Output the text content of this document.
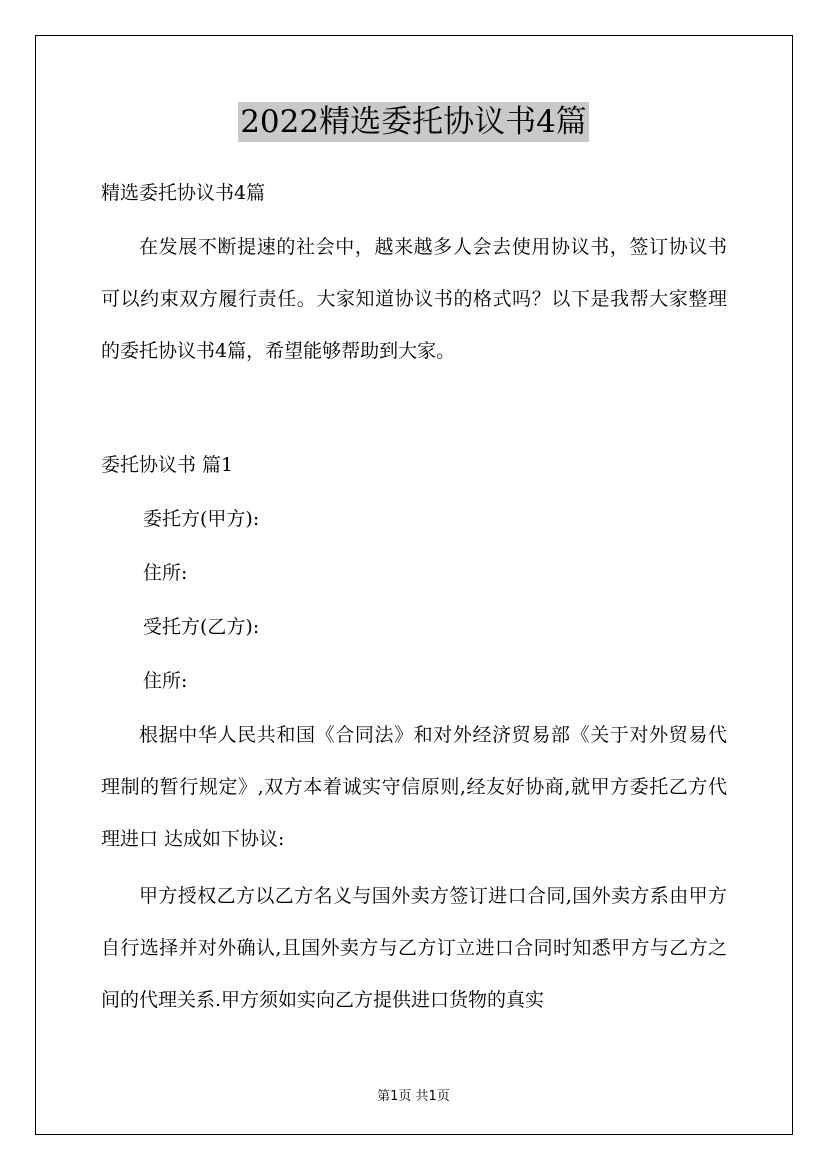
2022精选委托协议书4篇
精选委托协议书4篇

在发展不断提速的社会中，越来越多人会去使用协议书，签订协议书可以约束双方履行责任。大家知道协议书的格式吗？以下是我帮大家整理的委托协议书4篇，希望能够帮助到大家。

委托协议书 篇1
委托方(甲方):
住所:
受托方(乙方):
住所:

根据中华人民共和国《合同法》和对外经济贸易部《关于对外贸易代理制的暂行规定》,双方本着诚实守信原则,经友好协商,就甲方委托乙方代理进口 达成如下协议:

甲方授权乙方以乙方名义与国外卖方签订进口合同,国外卖方系由甲方自行选择并对外确认,且国外卖方与乙方订立进口合同时知悉甲方与乙方之间的代理关系.甲方须如实向乙方提供进口货物的真实

第1页 共1页
